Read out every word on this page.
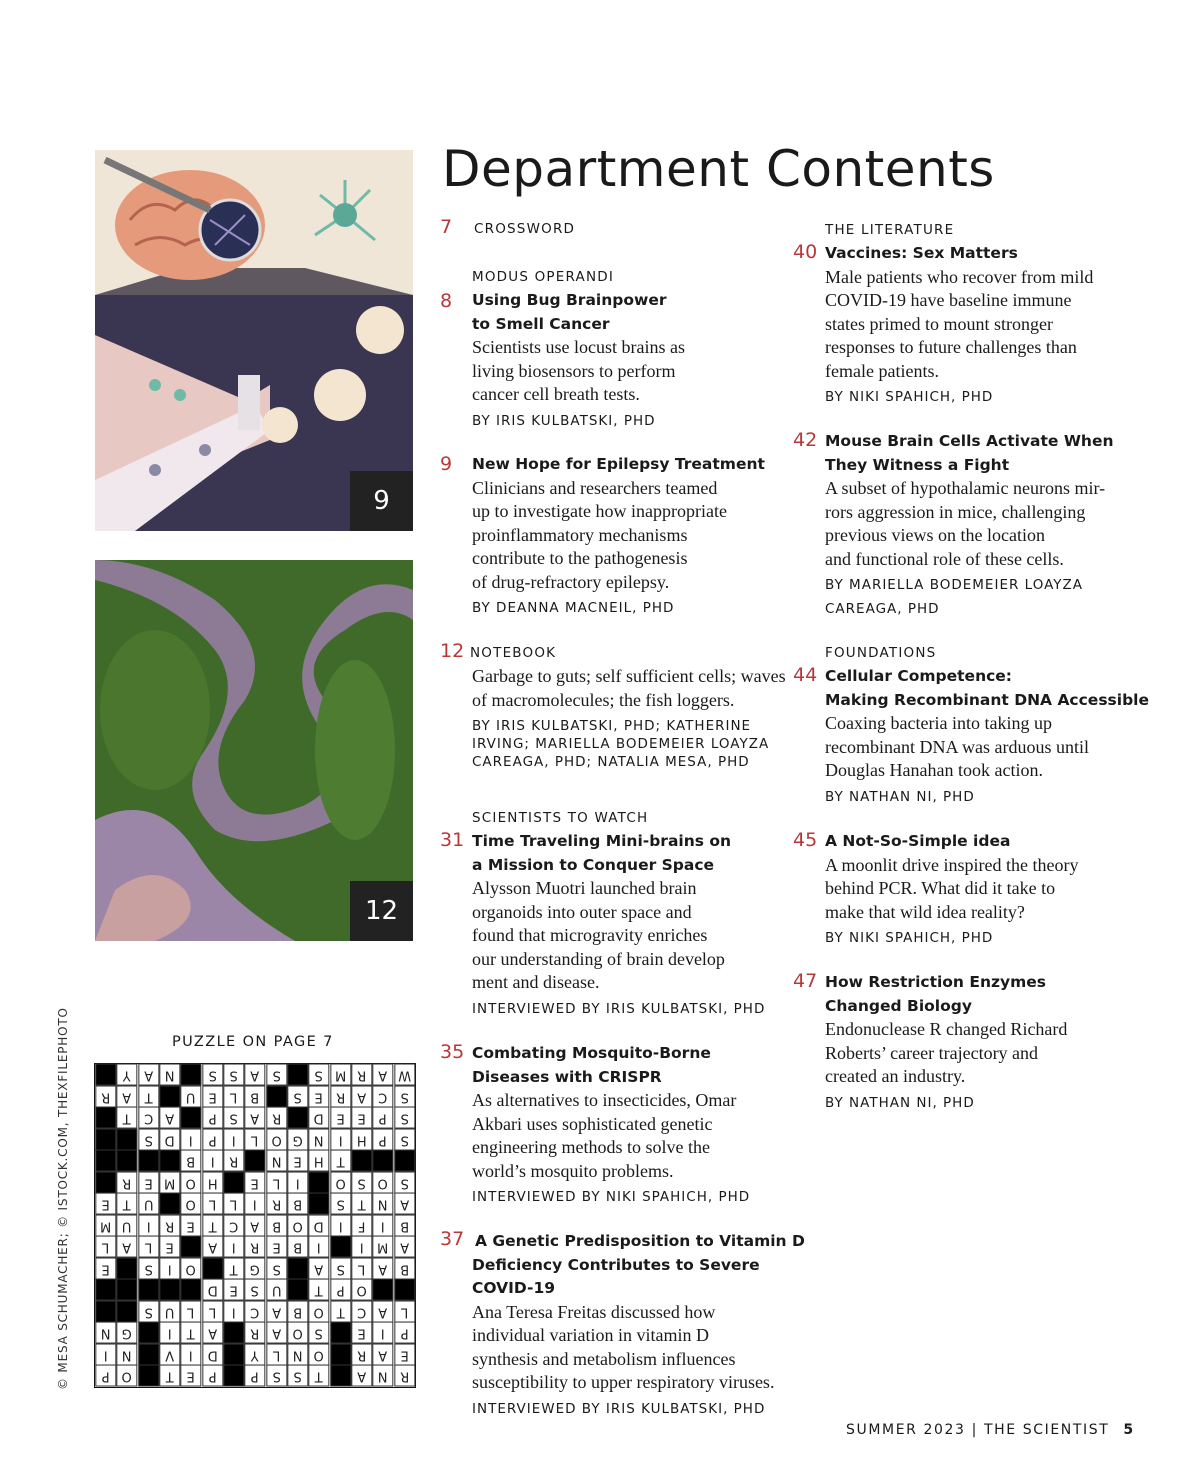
Department Contents
9
12
© MESA SCHUMACHER; © ISTOCK.COM, THEXFILEPHOTO	PUZZLE ON PAGE 7
Y A N	S	S A S	S M R A W
R A T	U E	L	B	S	E R A C S
T C A	P	S A R	D E	E	P	S
S D	I	P	I	L O G N	I	H P	S
B	I	R	N E H T
R E M O H	E	L	I	O S O S
E	T U	O L	L	I	R B	S	T N A
M U	I	R E	T C A B O D	I	F	I	B
L	A	L	E	A	I	R E B	I	I	M A
E	S	I	O	T G S	A S	L	A B
D E	S U	T	P O
S U L	L	I	C A B O T C A	L
N G	I	T A	R A O S	E	I	P
I	N	V	I	D	Y	L N O	R A E
P O	T	E	P	P	S	S	T	A N R
7 CROSSWORD
MODUS OPERANDI
8 Using Bug Brainpower
to Smell Cancer
Scientists use locust brains as
living biosensors to perform
cancer cell breath tests.
BY IRIS KULBATSKI, PHD
9 New Hope for Epilepsy Treatment
Clinicians and researchers teamed
up to investigate how inappropriate
proinflammatory mechanisms
contribute to the pathogenesis
of drug-refractory epilepsy.
BY DEANNA MACNEIL, PHD
12 NOTEBOOK
Garbage to guts; self sufficient cells; waves
of macromolecules; the fish loggers.
BY IRIS KULBATSKI, PHD; KATHERINE
IRVING; MARIELLA BODEMEIER LOAYZA
CAREAGA, PHD; NATALIA MESA, PHD
SCIENTISTS TO WATCH
31 Time Traveling Mini-brains on
a Mission to Conquer Space
Alysson Muotri launched brain
organoids into outer space and
found that microgravity enriches
our understanding of brain develop
ment and disease.
INTERVIEWED BY IRIS KULBATSKI, PHD
35 Combating Mosquito-Borne
Diseases with CRISPR
As alternatives to insecticides, Omar
Akbari uses sophisticated genetic
engineering methods to solve the
world’s mosquito problems.
INTERVIEWED BY NIKI SPAHICH, PHD
37 A Genetic Predisposition to Vitamin D
Deficiency Contributes to Severe COVID-19
Ana Teresa Freitas discussed how
individual variation in vitamin D
synthesis and metabolism influences
susceptibility to upper respiratory viruses.
INTERVIEWED BY IRIS KULBATSKI, PHD
THE LITERATURE
40 Vaccines: Sex Matters
Male patients who recover from mild
COVID-19 have baseline immune
states primed to mount stronger
responses to future challenges than
female patients.
BY NIKI SPAHICH, PHD
42 Mouse Brain Cells Activate When
They Witness a Fight
A subset of hypothalamic neurons mir-
rors aggression in mice, challenging
previous views on the location
and functional role of these cells.
BY MARIELLA BODEMEIER LOAYZA
CAREAGA, PHD
FOUNDATIONS
44 Cellular Competence:
Making Recombinant DNA Accessible
Coaxing bacteria into taking up
recombinant DNA was arduous until
Douglas Hanahan took action.
BY NATHAN NI, PHD
45 A Not-So-Simple idea
A moonlit drive inspired the theory
behind PCR. What did it take to
make that wild idea reality?
BY NIKI SPAHICH, PHD
47 How Restriction Enzymes
Changed Biology
Endonuclease R changed Richard
Roberts’ career trajectory and
created an industry.
BY NATHAN NI, PHD
SUMMER 2023 | THE SCIENTIST 5
